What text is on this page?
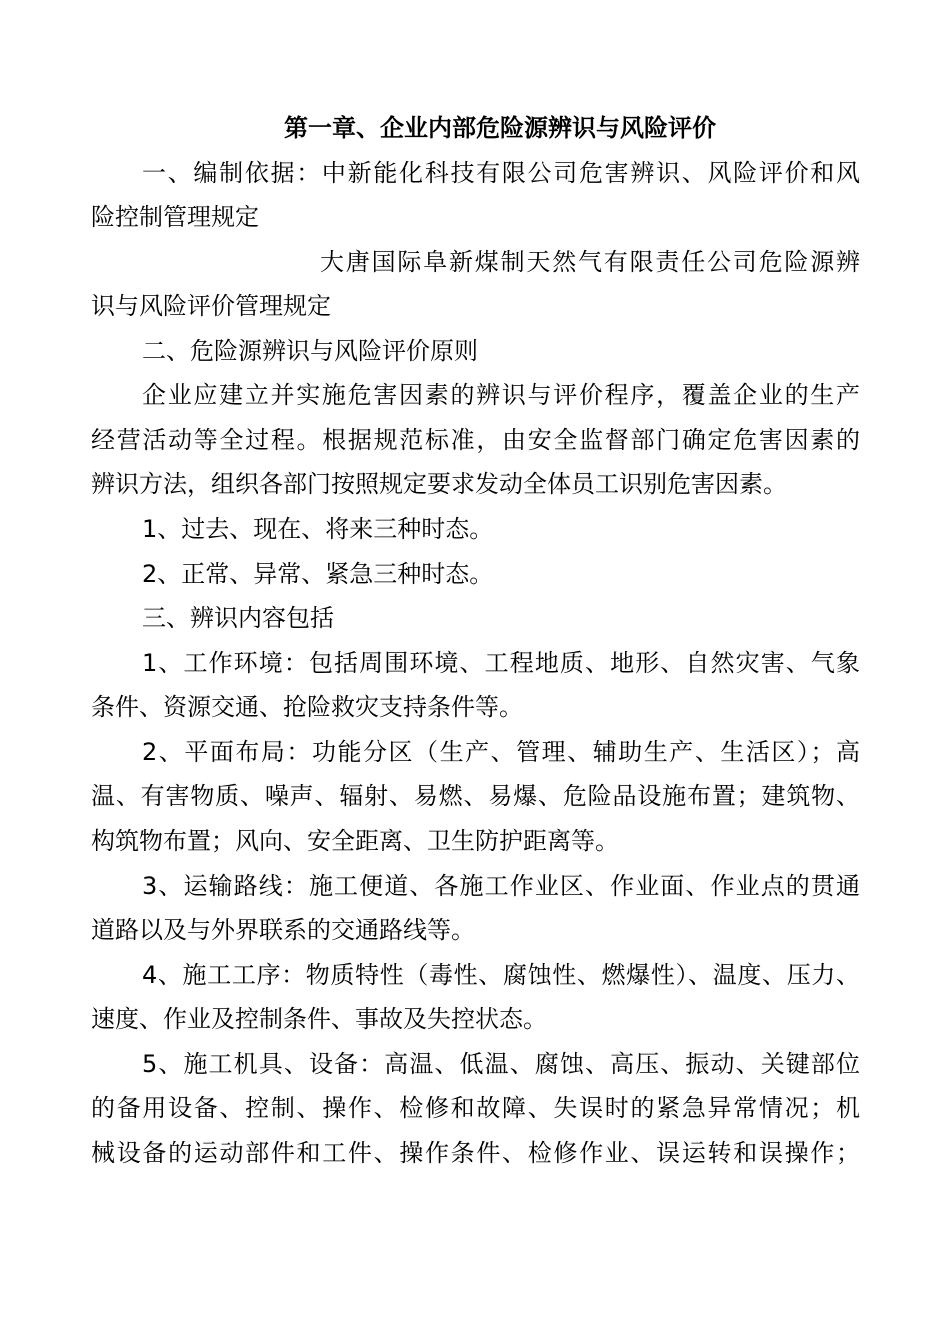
第一章、企业内部危险源辨识与风险评价
一、编制依据：中新能化科技有限公司危害辨识、风险评价和风
险控制管理规定
大唐国际阜新煤制天然气有限责任公司危险源辨
识与风险评价管理规定
二、危险源辨识与风险评价原则
企业应建立并实施危害因素的辨识与评价程序，覆盖企业的生产
经营活动等全过程。根据规范标准，由安全监督部门确定危害因素的
辨识方法，组织各部门按照规定要求发动全体员工识别危害因素。
1、过去、现在、将来三种时态。
2、正常、异常、紧急三种时态。
三、辨识内容包括
1、工作环境：包括周围环境、工程地质、地形、自然灾害、气象
条件、资源交通、抢险救灾支持条件等。
2、平面布局：功能分区（生产、管理、辅助生产、生活区）；高
温、有害物质、噪声、辐射、易燃、易爆、危险品设施布置；建筑物、
构筑物布置；风向、安全距离、卫生防护距离等。
3、运输路线：施工便道、各施工作业区、作业面、作业点的贯通
道路以及与外界联系的交通路线等。
4、施工工序：物质特性（毒性、腐蚀性、燃爆性）、温度、压力、
速度、作业及控制条件、事故及失控状态。
5、施工机具、设备：高温、低温、腐蚀、高压、振动、关键部位
的备用设备、控制、操作、检修和故障、失误时的紧急异常情况；机
械设备的运动部件和工件、操作条件、检修作业、误运转和误操作；
